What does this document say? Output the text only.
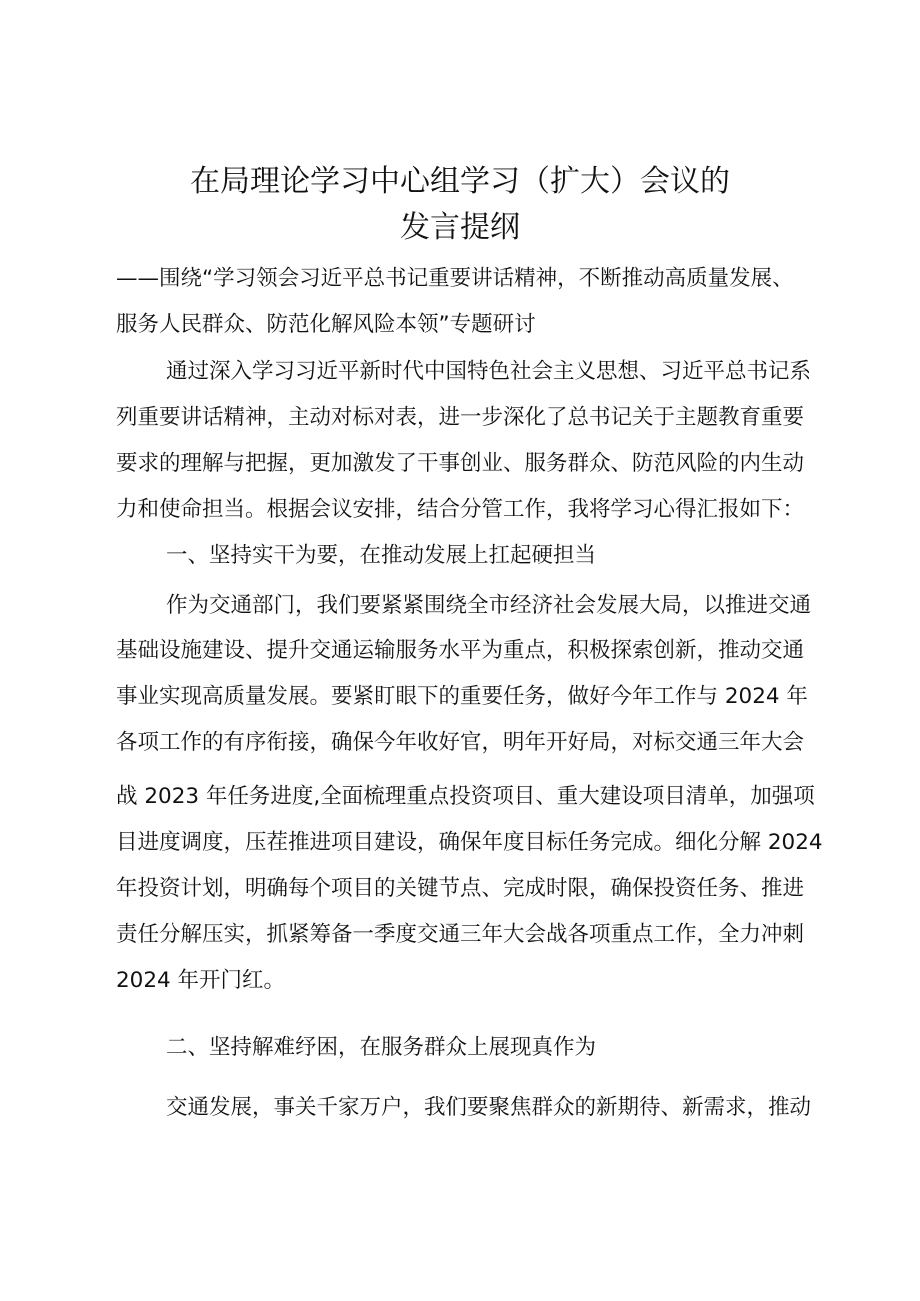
在局理论学习中心组学习（扩大）会议的
发言提纲
——围绕“学习领会习近平总书记重要讲话精神，不断推动高质量发展、
服务人民群众、防范化解风险本领”专题研讨
通过深入学习习近平新时代中国特色社会主义思想、习近平总书记系
列重要讲话精神，主动对标对表，进一步深化了总书记关于主题教育重要
要求的理解与把握，更加激发了干事创业、服务群众、防范风险的内生动
力和使命担当。根据会议安排，结合分管工作，我将学习心得汇报如下：
一、坚持实干为要，在推动发展上扛起硬担当
作为交通部门，我们要紧紧围绕全市经济社会发展大局，以推进交通
基础设施建设、提升交通运输服务水平为重点，积极探索创新，推动交通
事业实现高质量发展。要紧盯眼下的重要任务，做好今年工作与 2024 年
各项工作的有序衔接，确保今年收好官，明年开好局，对标交通三年大会
战 2023 年任务进度,全面梳理重点投资项目、重大建设项目清单，加强项
目进度调度，压茬推进项目建设，确保年度目标任务完成。细化分解 2024
年投资计划，明确每个项目的关键节点、完成时限，确保投资任务、推进
责任分解压实，抓紧筹备一季度交通三年大会战各项重点工作，全力冲刺
2024 年开门红。
二、坚持解难纾困，在服务群众上展现真作为
交通发展，事关千家万户，我们要聚焦群众的新期待、新需求，推动
